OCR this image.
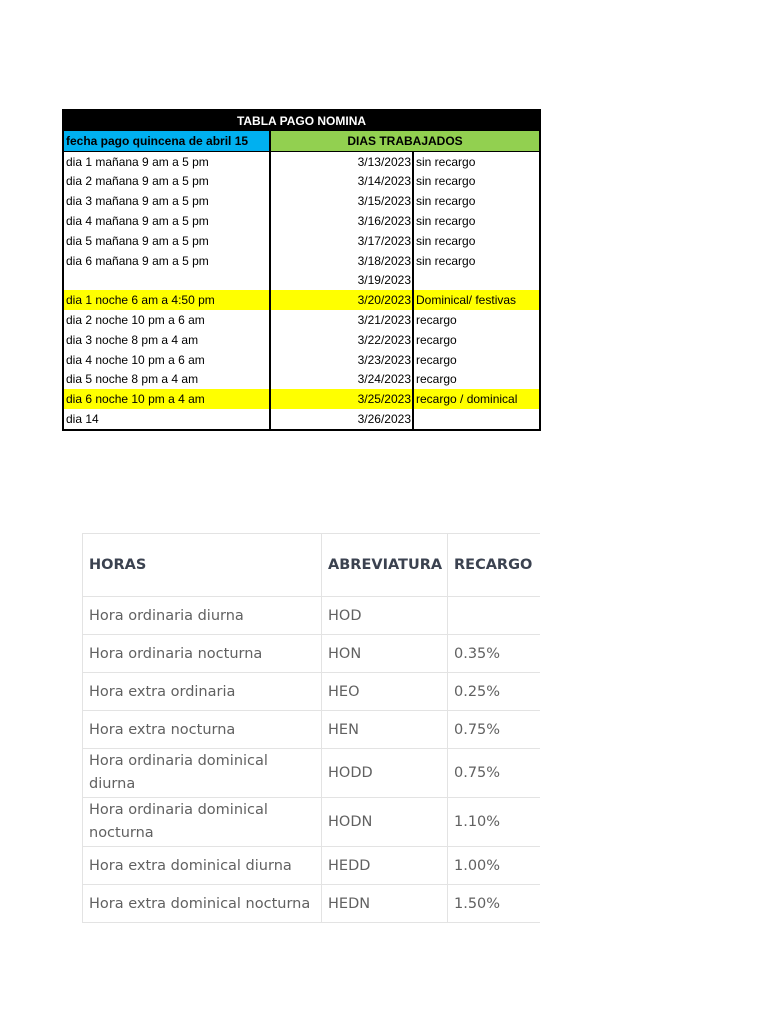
TABLA PAGO NOMINA		
fecha pago quincena de abril 15	DIAS TRABAJADOS	
dia 1 mañana 9 am a 5 pm	3/13/2023	sin recargo
dia 2 mañana 9 am a 5 pm	3/14/2023	sin recargo
dia 3 mañana 9 am a 5 pm	3/15/2023	sin recargo
dia 4 mañana 9 am a 5 pm	3/16/2023	sin recargo
dia 5 mañana 9 am a 5 pm	3/17/2023	sin recargo
dia 6 mañana 9 am a 5 pm	3/18/2023	sin recargo
	3/19/2023	
dia 1 noche 6 am a 4:50 pm	3/20/2023	Dominical/ festivas
dia 2 noche 10 pm a 6 am	3/21/2023	recargo
dia 3 noche 8 pm a 4 am	3/22/2023	recargo
dia 4 noche 10 pm a 6 am	3/23/2023	recargo
dia 5 noche 8 pm a 4 am	3/24/2023	recargo
dia 6 noche 10 pm a 4 am	3/25/2023	recargo / dominical
dia 14	3/26/2023	
HORAS	ABREVIATURA	RECARGO
Hora ordinaria diurna	HOD	
Hora ordinaria nocturna	HON	0.35%
Hora extra ordinaria	HEO	0.25%
Hora extra nocturna	HEN	0.75%
Hora ordinaria dominical diurna	HODD	0.75%
Hora ordinaria dominical nocturna	HODN	1.10%
Hora extra dominical diurna	HEDD	1.00%
Hora extra dominical nocturna	HEDN	1.50%
